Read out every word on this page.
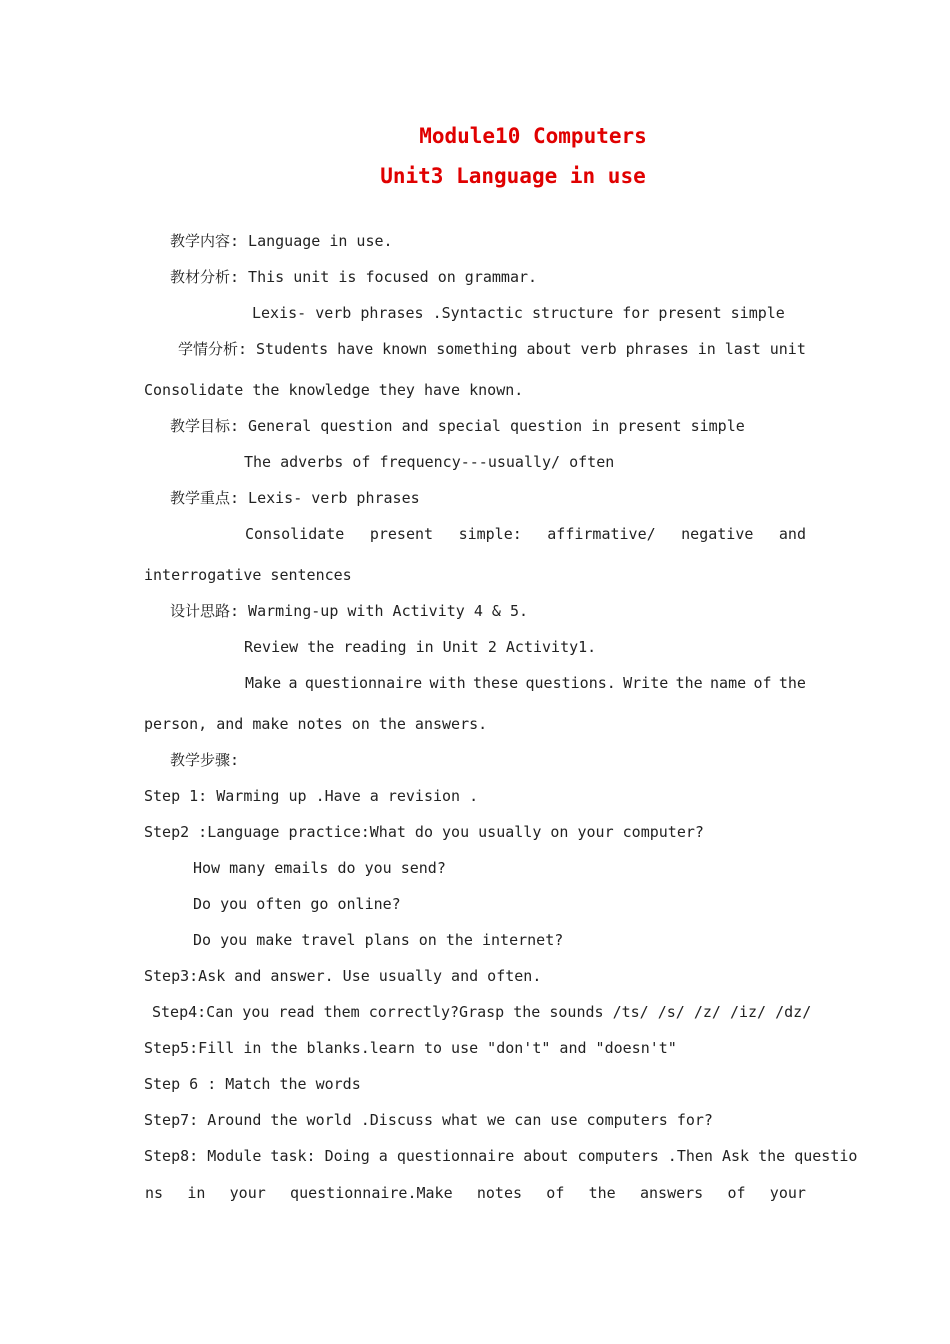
Module10 Computers
Unit3 Language in use
教学内容: Language in use.
教材分析: This unit is focused on grammar.
Lexis- verb phrases .Syntactic structure for present simple
学情分析: Students have known something about verb phrases in last unit
Consolidate the knowledge they have known.
教学目标: General question and special question in present simple
The adverbs of frequency---usually/ often
教学重点: Lexis- verb phrases
Consolidate present simple: affirmative/ negative and
interrogative sentences
设计思路: Warming-up with Activity 4 & 5.
Review the reading in Unit 2 Activity1.
Make a questionnaire with these questions. Write the name of the
person, and make notes on the answers.
教学步骤:
Step 1: Warming up .Have a revision .
Step2 :Language practice:What do you usually on your computer?
How many emails do you send?
Do you often go online?
Do you make travel plans on the internet?
Step3:Ask and answer. Use usually and often.
Step4:Can you read them correctly?Grasp the sounds /ts/ /s/ /z/ /iz/ /dz/
Step5:Fill in the blanks.learn to use "don't" and "doesn't"
Step 6 : Match the words
Step7: Around the world .Discuss what we can use computers for?
Step8: Module task: Doing a questionnaire about computers .Then Ask the questio
ns in your questionnaire.Make notes of the answers of your
